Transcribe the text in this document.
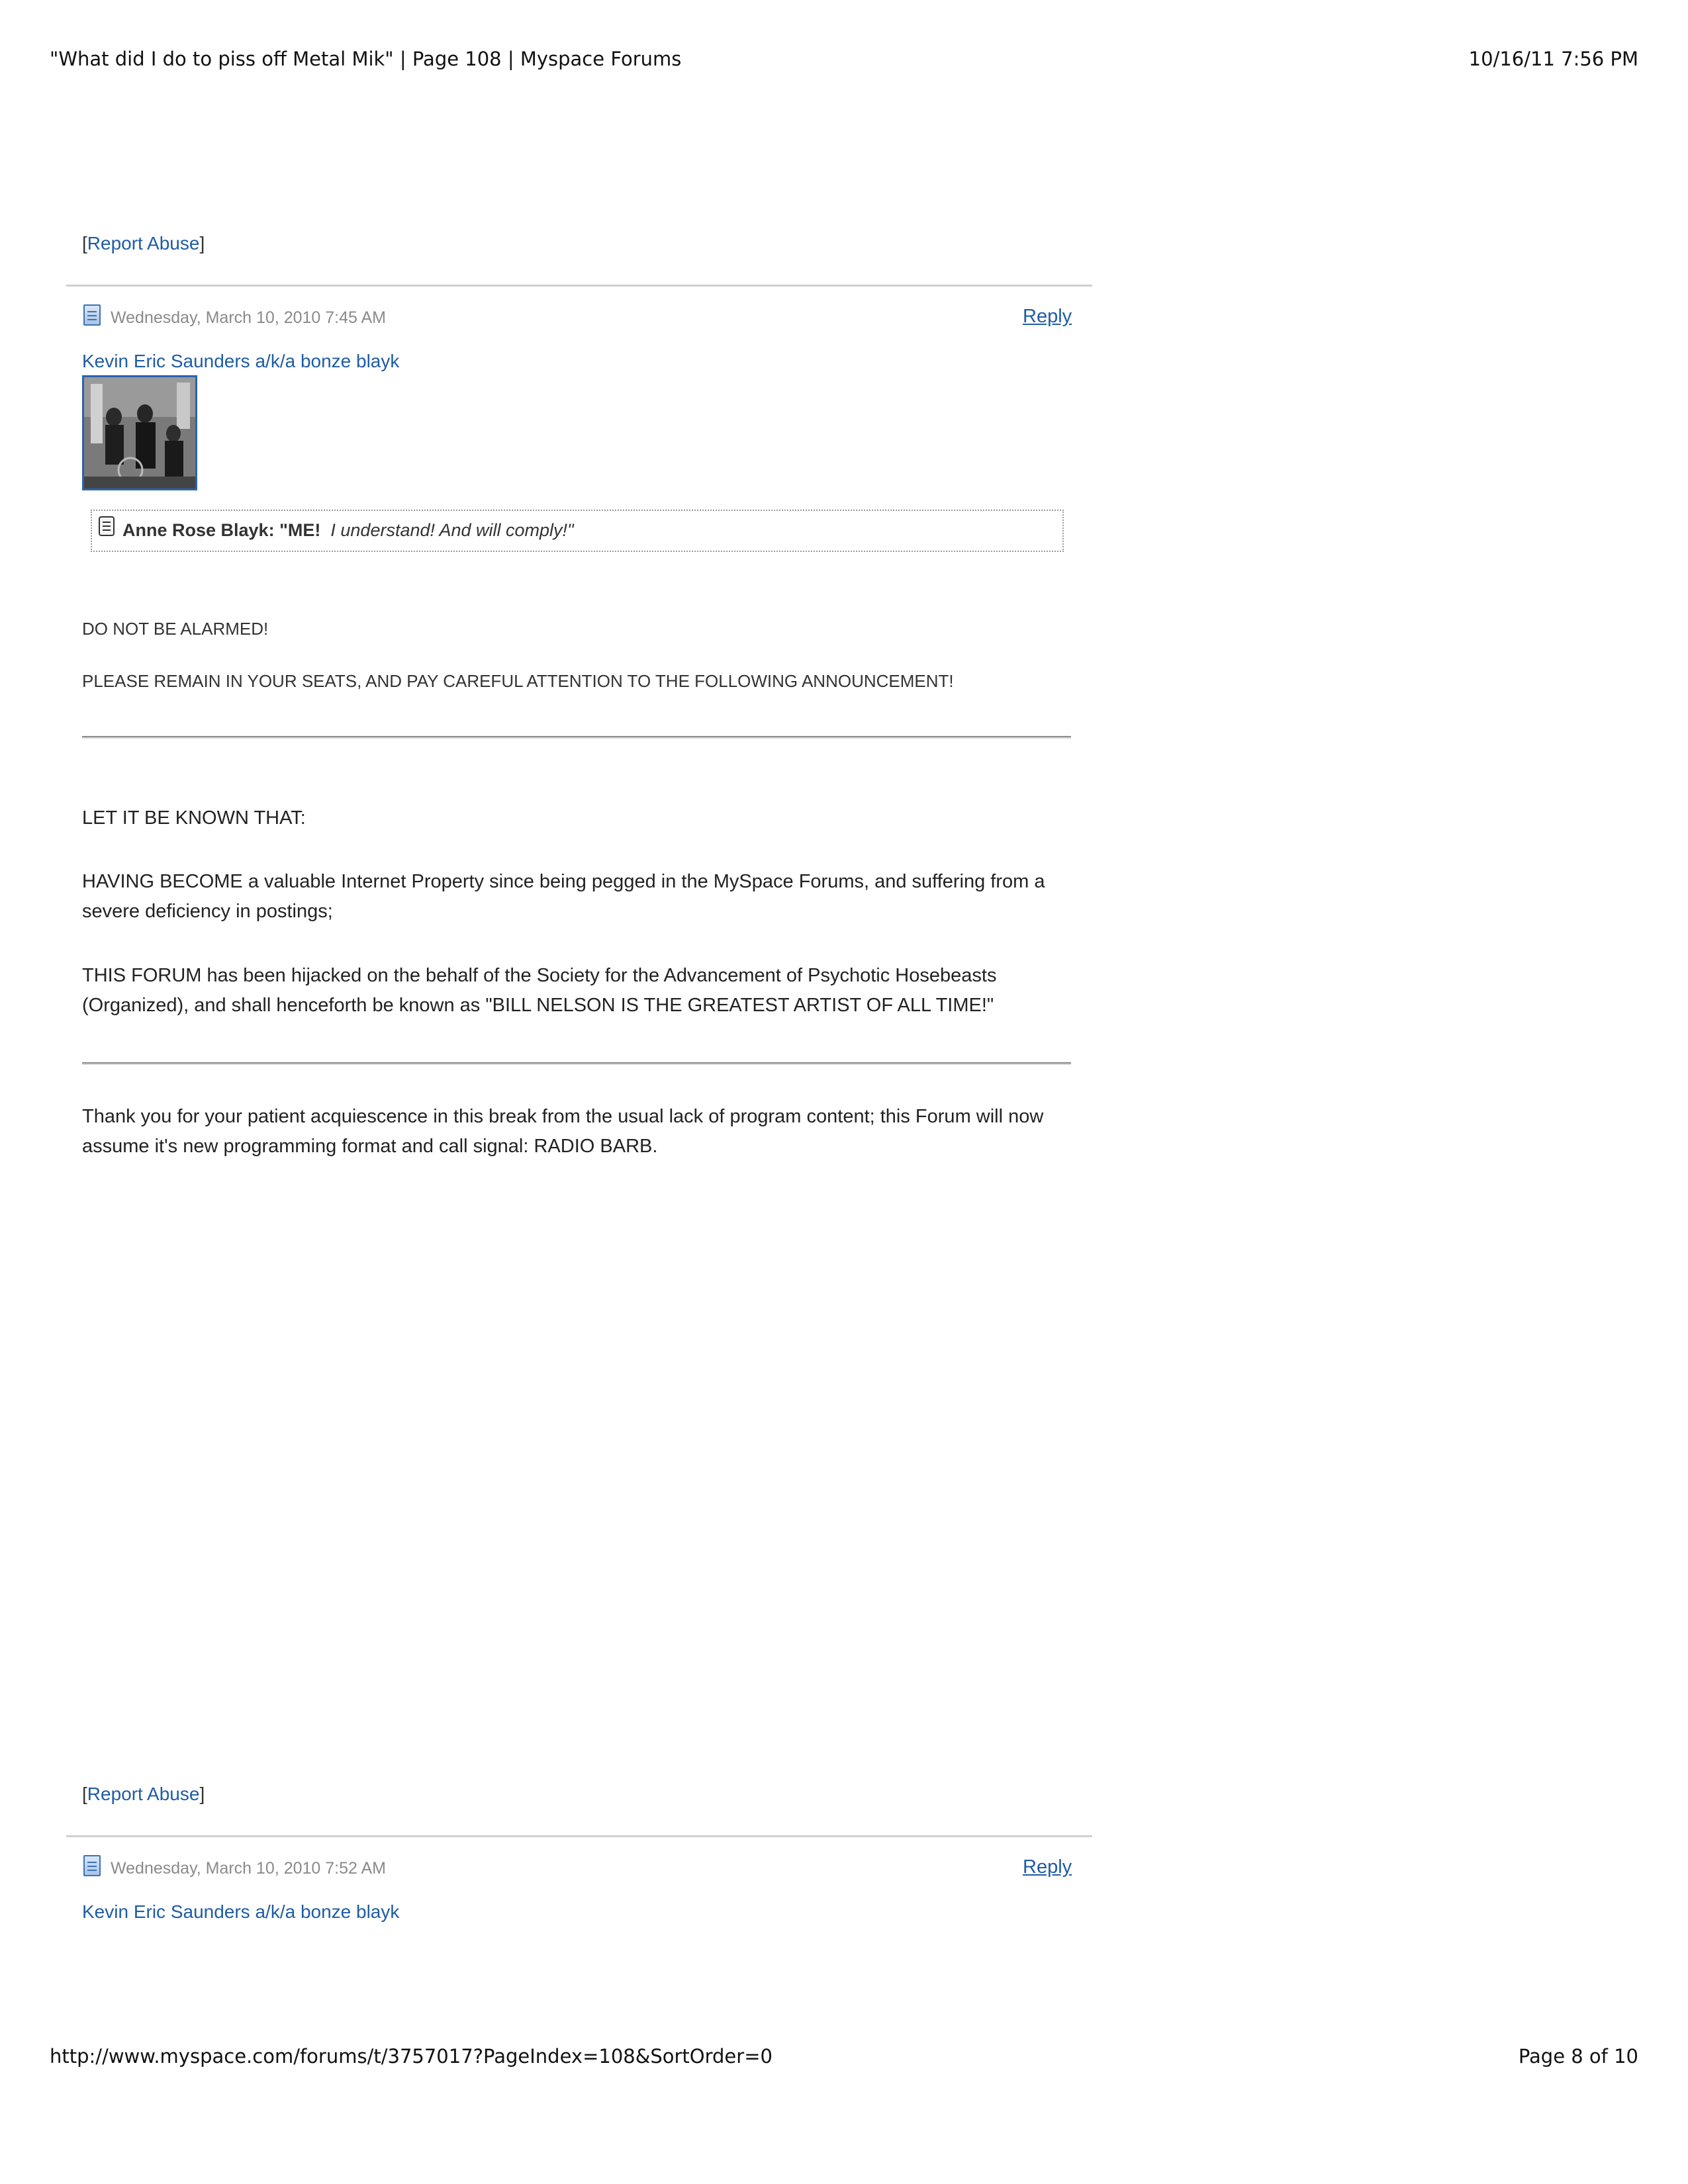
"What did I do to piss off Metal Mik" | Page 108 | Myspace Forums	10/16/11 7:56 PM
[Report Abuse]
Wednesday, March 10, 2010 7:45 AM	Reply
Kevin Eric Saunders a/k/a bonze blayk
Anne Rose Blayk: "ME! I understand! And will comply!"
DO NOT BE ALARMED!
PLEASE REMAIN IN YOUR SEATS, AND PAY CAREFUL ATTENTION TO THE FOLLOWING ANNOUNCEMENT!
LET IT BE KNOWN THAT:
HAVING BECOME a valuable Internet Property since being pegged in the MySpace Forums, and suffering from a severe deficiency in postings;
THIS FORUM has been hijacked on the behalf of the Society for the Advancement of Psychotic Hosebeasts (Organized), and shall henceforth be known as "BILL NELSON IS THE GREATEST ARTIST OF ALL TIME!"
Thank you for your patient acquiescence in this break from the usual lack of program content; this Forum will now assume it's new programming format and call signal: RADIO BARB.
[Report Abuse]
Wednesday, March 10, 2010 7:52 AM	Reply
Kevin Eric Saunders a/k/a bonze blayk
http://www.myspace.com/forums/t/3757017?PageIndex=108&SortOrder=0	Page 8 of 10
